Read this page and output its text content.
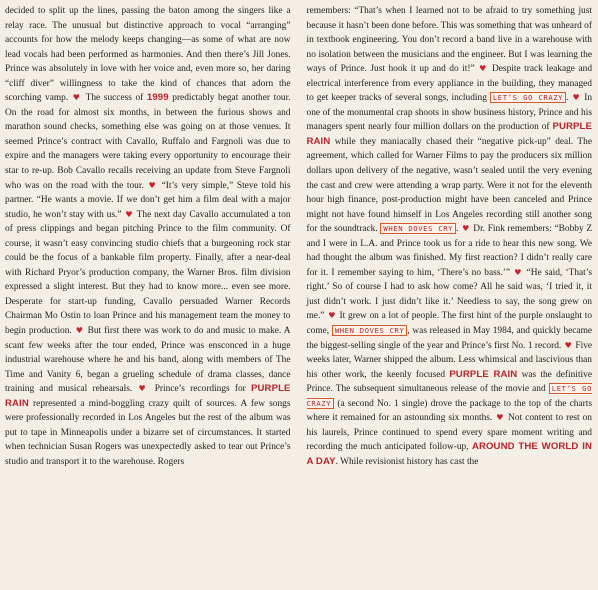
decided to split up the lines, passing the baton among the singers like a relay race. The unusual but distinctive approach to vocal “arranging” accounts for how the melody keeps changing—as some of what are now lead vocals had been performed as harmonies. And then there’s Jill Jones. Prince was absolutely in love with her voice and, even more so, her daring “cliff diver” willingness to take the kind of chances that adorn the scorching vamp. ♥ The success of 1999 predictably begat another tour. On the road for almost six months, in between the furious shows and marathon sound checks, something else was going on at those venues. It seemed Prince’s contract with Cavallo, Ruffalo and Fargnoli was due to expire and the managers were taking every opportunity to encourage their star to re-up. Bob Cavallo recalls receiving an update from Steve Fargnoli who was on the road with the tour. ♥ “It’s very simple,” Steve told his partner. “He wants a movie. If we don’t get him a film deal with a major studio, he won’t stay with us.” ♥ The next day Cavallo accumulated a ton of press clippings and began pitching Prince to the film community. Of course, it wasn’t easy convincing studio chiefs that a burgeoning rock star could be the focus of a bankable film property. Finally, after a near-deal with Richard Pryor’s production company, the Warner Bros. film division expressed a slight interest. But they had to know more... even see more. Desperate for start-up funding, Cavallo persuaded Warner Records Chairman Mo Ostin to loan Prince and his management team the money to begin production. ♥ But first there was work to do and music to make. A scant few weeks after the tour ended, Prince was ensconced in a huge industrial warehouse where he and his band, along with members of The Time and Vanity 6, began a grueling schedule of drama classes, dance training and musical rehearsals. ♥ Prince’s recordings for PURPLE RAIN represented a mind-boggling crazy quilt of sources. A few songs were professionally recorded in Los Angeles but the rest of the album was put to tape in Minneapolis under a bizarre set of circumstances. It started when technician Susan Rogers was unexpectedly asked to tear out Prince’s studio and transport it to the warehouse. Rogers
remembers: “That’s when I learned not to be afraid to try something just because it hasn’t been done before. This was something that was unheard of in textbook engineering. You don’t record a band live in a warehouse with no isolation between the musicians and the engineer. But I was learning the ways of Prince. Just hook it up and do it!” ♥ Despite track leakage and electrical interference from every appliance in the building, they managed to get keeper tracks of several songs, including LET’S GO CRAZY . ♥ In one of the monumental crap shoots in show business history, Prince and his managers spent nearly four million dollars on the production of PURPLE RAIN while they maniacally chased their “negative pick-up” deal. The agreement, which called for Warner Films to pay the producers six million dollars upon delivery of the negative, wasn’t sealed until the very evening the cast and crew were attending a wrap party. Were it not for the eleventh hour high finance, post-production might have been canceled and Prince might not have found himself in Los Angeles recording still another song for the soundtrack. WHEN DOVES CRY . ♥ Dr. Fink remembers: “Bobby Z and I were in L.A. and Prince took us for a ride to hear this new song. We had thought the album was finished. My first reaction? I didn’t really care for it. I remember saying to him, ‘There’s no bass.’” ♥ “He said, ‘That’s right.’ So of course I had to ask how come? All he said was, ‘I tried it, it just didn’t work. I just didn’t like it.’ Needless to say, the song grew on me.” ♥ It grew on a lot of people. The first hint of the purple onslaught to come, WHEN DOVES CRY , was released in May 1984, and quickly became the biggest-selling single of the year and Prince’s first No. 1 record. ♥ Five weeks later, Warner shipped the album. Less whimsical and lascivious than his other work, the keenly focused PURPLE RAIN was the definitive Prince. The subsequent simultaneous release of the movie and LET’S GO CRAZY (a second No. 1 single) drove the package to the top of the charts where it remained for an astounding six months. ♥ Not content to rest on his laurels, Prince continued to spend every spare moment writing and recording the much anticipated follow-up, AROUND THE WORLD IN A DAY. While revisionist history has cast the
